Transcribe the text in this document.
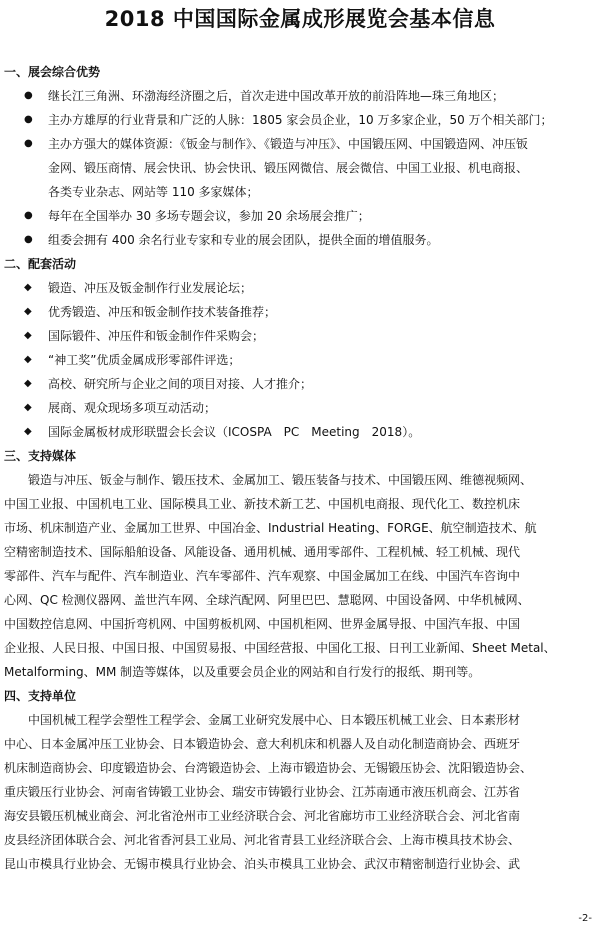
2018 中国国际金属成形展览会基本信息
一、展会综合优势
●	继长江三角洲、环渤海经济圈之后，首次走进中国改革开放的前沿阵地—珠三角地区；
●	主办方雄厚的行业背景和广泛的人脉：1805 家会员企业，10 万多家企业，50 万个相关部门；
●	主办方强大的媒体资源：《钣金与制作》、《锻造与冲压》、中国锻压网、中国锻造网、冲压钣
金网、锻压商情、展会快讯、协会快讯、锻压网微信、展会微信、中国工业报、机电商报、
各类专业杂志、网站等 110 多家媒体；
●	每年在全国举办 30 多场专题会议，参加 20 余场展会推广；
●	组委会拥有 400 余名行业专家和专业的展会团队，提供全面的增值服务。
二、配套活动
◆	锻造、冲压及钣金制作行业发展论坛；
◆	优秀锻造、冲压和钣金制作技术装备推荐；
◆	国际锻件、冲压件和钣金制作件采购会；
◆	“神工奖”优质金属成形零部件评选；
◆	高校、研究所与企业之间的项目对接、人才推介；
◆	展商、观众现场多项互动活动；
◆	国际金属板材成形联盟会长会议（ICOSPA　PC　Meeting　2018）。
三、支持媒体
　　锻造与冲压、钣金与制作、锻压技术、金属加工、锻压装备与技术、中国锻压网、维德视频网、
中国工业报、中国机电工业、国际模具工业、新技术新工艺、中国机电商报、现代化工、数控机床
市场、机床制造产业、金属加工世界、中国冶金、Industrial Heating、FORGE、航空制造技术、航
空精密制造技术、国际船舶设备、风能设备、通用机械、通用零部件、工程机械、轻工机械、现代
零部件、汽车与配件、汽车制造业、汽车零部件、汽车观察、中国金属加工在线、中国汽车咨询中
心网、QC 检测仪器网、盖世汽车网、全球汽配网、阿里巴巴、慧聪网、中国设备网、中华机械网、
中国数控信息网、中国折弯机网、中国剪板机网、中国机柜网、世界金属导报、中国汽车报、中国
企业报、人民日报、中国日报、中国贸易报、中国经营报、中国化工报、日刊工业新闻、Sheet Metal、
Metalforming、MM 制造等媒体，以及重要会员企业的网站和自行发行的报纸、期刊等。
四、支持单位
　　中国机械工程学会塑性工程学会、金属工业研究发展中心、日本锻压机械工业会、日本素形材
中心、日本金属冲压工业协会、日本锻造协会、意大利机床和机器人及自动化制造商协会、西班牙
机床制造商协会、印度锻造协会、台湾锻造协会、上海市锻造协会、无锡锻压协会、沈阳锻造协会、
重庆锻压行业协会、河南省铸锻工业协会、瑞安市铸锻行业协会、江苏南通市液压机商会、江苏省
海安县锻压机械业商会、河北省沧州市工业经济联合会、河北省廊坊市工业经济联合会、河北省南
皮县经济团体联合会、河北省香河县工业局、河北省青县工业经济联合会、上海市模具技术协会、
昆山市模具行业协会、无锡市模具行业协会、泊头市模具工业协会、武汉市精密制造行业协会、武
-2-
